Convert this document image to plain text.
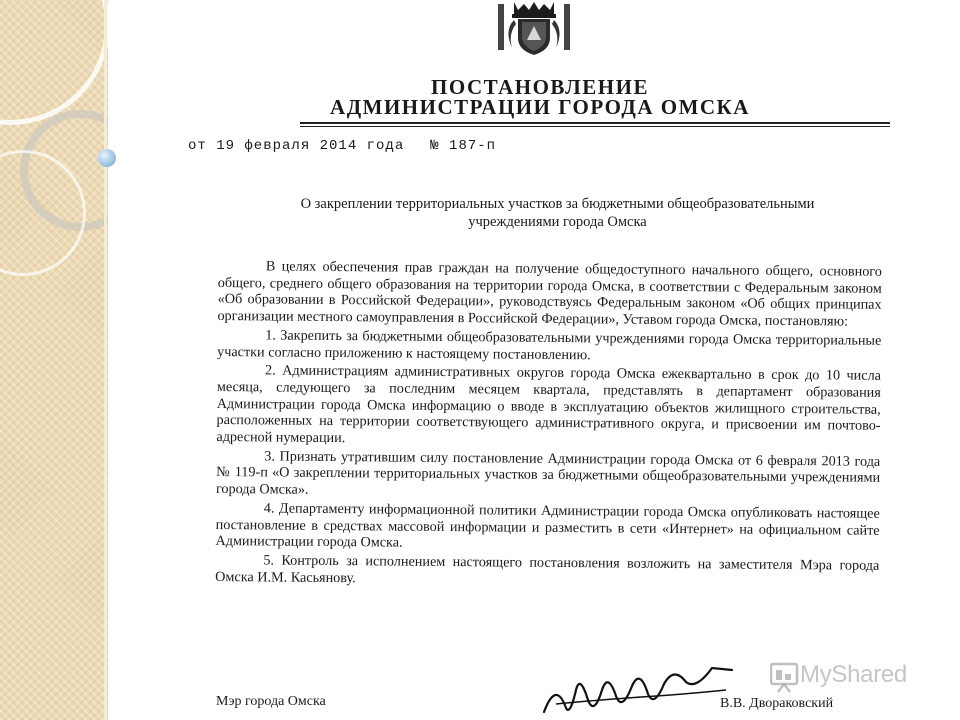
ПОСТАНОВЛЕНИЕ
АДМИНИСТРАЦИИ ГОРОДА ОМСКА
от 19 февраля 2014 года № 187-п
О закреплении территориальных участков за бюджетными общеобразовательными учреждениями города Омска

В целях обеспечения прав граждан на получение общедоступного начального общего, основного общего, среднего общего образования на территории города Омска, в соответствии с Федеральным законом «Об образовании в Российской Федерации», руководствуясь Федеральным законом «Об общих принципах организации местного самоуправления в Российской Федерации», Уставом города Омска, постановляю:

1. Закрепить за бюджетными общеобразовательными учреждениями города Омска территориальные участки согласно приложению к настоящему постановлению.

2. Администрациям административных округов города Омска ежеквартально в срок до 10 числа месяца, следующего за последним месяцем квартала, представлять в департамент образования Администрации города Омска информацию о вводе в эксплуатацию объектов жилищного строительства, расположенных на территории соответствующего административного округа, и присвоении им почтово-адресной нумерации.

3. Признать утратившим силу постановление Администрации города Омска от 6 февраля 2013 года № 119-п «О закреплении территориальных участков за бюджетными общеобразовательными учреждениями города Омска».

4. Департаменту информационной политики Администрации города Омска опубликовать настоящее постановление в средствах массовой информации и разместить в сети «Интернет» на официальном сайте Администрации города Омска.

5. Контроль за исполнением настоящего постановления возложить на заместителя Мэра города Омска И.М. Касьянову.

Мэр города Омска	В.В. Двораковский
MyShared
